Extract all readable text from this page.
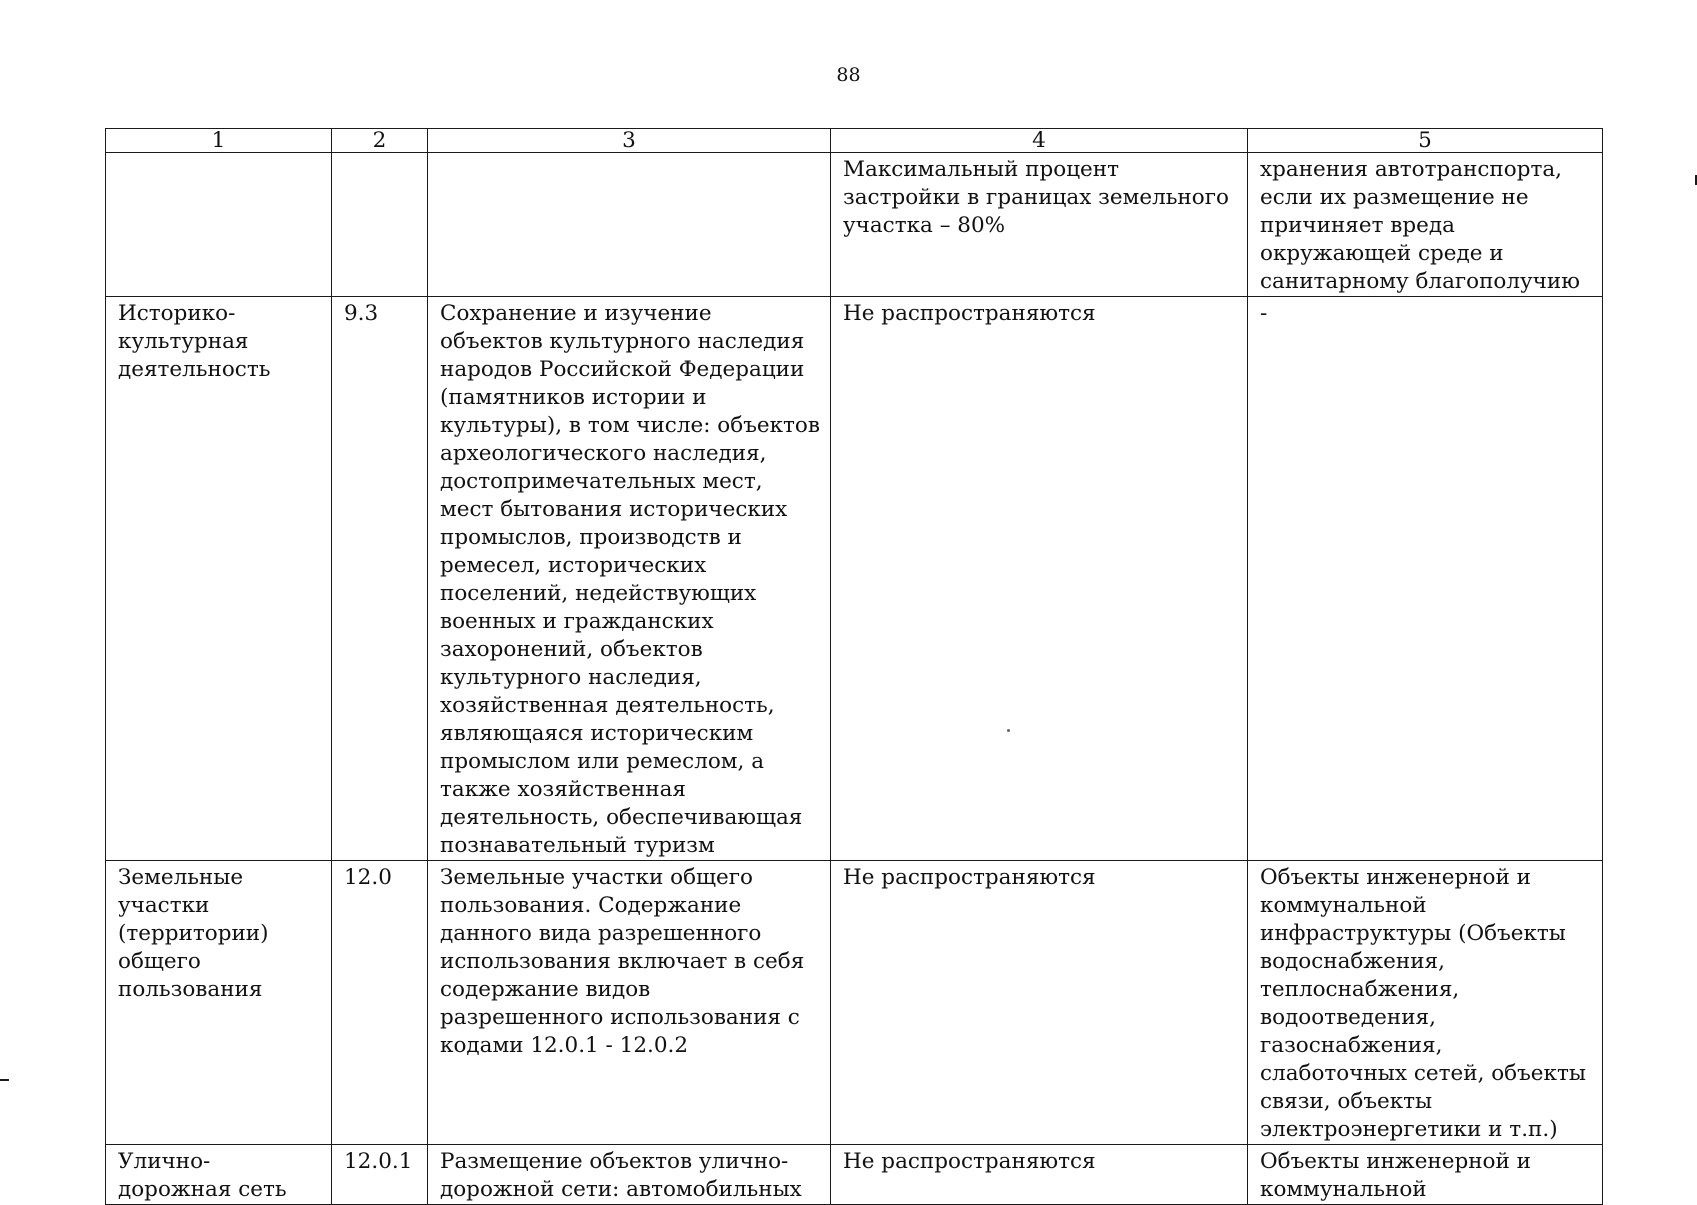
88
1	2	3	4	5
			Максимальный процент застройки в границах земельного участка – 80%	хранения автотранспорта, если их размещение не причиняет вреда окружающей среде и санитарному благополучию
Историко-культурная деятельность	9.3	Сохранение и изучение объектов культурного наследия народов Российской Федерации (памятников истории и культуры), в том числе: объектов археологического наследия, достопримечательных мест, мест бытования исторических промыслов, производств и ремесел, исторических поселений, недействующих военных и гражданских захоронений, объектов культурного наследия, хозяйственная деятельность, являющаяся историческим промыслом или ремеслом, а также хозяйственная деятельность, обеспечивающая познавательный туризм	Не распространяются	-
Земельные участки (территории) общего пользования	12.0	Земельные участки общего пользования. Содержание данного вида разрешенного использования включает в себя содержание видов разрешенного использования с кодами 12.0.1 - 12.0.2	Не распространяются	Объекты инженерной и коммунальной инфраструктуры (Объекты водоснабжения, теплоснабжения, водоотведения, газоснабжения, слаботочных сетей, объекты связи, объекты электроэнергетики и т.п.)
Улично-дорожная сеть	12.0.1	Размещение объектов улично-дорожной сети: автомобильных	Не распространяются	Объекты инженерной и коммунальной
